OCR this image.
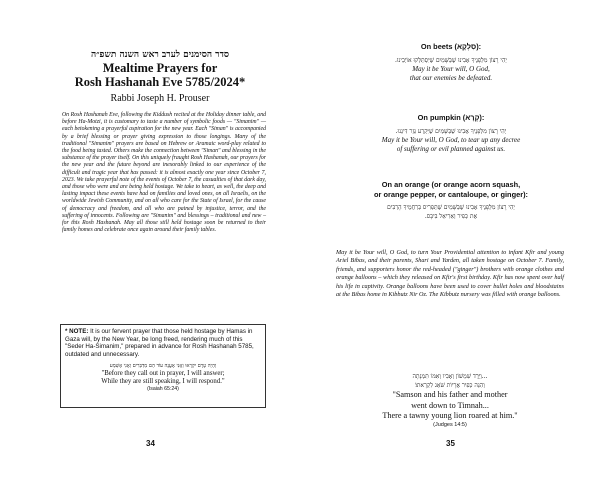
סדר הסימנים לערב ראש השנה תשפ״ה
Mealtime Prayers for
Rosh Hashanah Eve 5785/2024*
Rabbi Joseph H. Prouser
On Rosh Hashanah Eve, following the Kiddush recited at the Holiday dinner table, and before Ha-Motzi, it is customary to taste a number of symbolic foods — "Simanim" — each betokening a prayerful aspiration for the new year. Each "Siman" is accompanied by a brief blessing or prayer giving expression to those longings. Many of the traditional "Simanim" prayers are based on Hebrew or Aramaic word-play related to the food being tasted. Others make the connection between "Siman" and blessing in the substance of the prayer itself. On this uniquely fraught Rosh Hashanah, our prayers for the new year and the future beyond are inexorably linked to our experience of the difficult and tragic year that has passed: it is almost exactly one year since October 7, 2023. We take prayerful note of the events of October 7, the casualties of that dark day, and those who were and are being held hostage. We take to heart, as well, the deep and lasting impact these events have had on families and loved ones, on all Israelis, on the worldwide Jewish Community, and on all who care for the State of Israel, for the cause of democracy and freedom, and all who are pained by injustice, terror, and the suffering of innocents. Following are "Simanim" and blessings – traditional and new – for this Rosh Hashanah. May all those still held hostage soon be returned to their family homes and celebrate once again around their family tables.
* NOTE: It is our fervent prayer that those held hostage by Hamas in Gaza will, by the New Year, be long freed, rendering much of this "Seder Ha-Simanim," prepared in advance for Rosh Hashanah 5785, outdated and unnecessary.
וְהָיָה טֶרֶם יִקְרָאוּ וַאֲנִי אֶעֱנֶה עוֹד הֵם מְדַבְּרִים וַאֲנִי אֶשְׁמָע
"Before they call out in prayer, I will answer;
While they are still speaking, I will respond."
(Isaiah 65:24)
34
On beets (סִלְקָא):
יְהִי רָצוֹן מִלְּפָנֶיךָ אָבִינוּ שֶׁבַּשָּׁמַיִם שֶׁיִּסְתַּלְּקוּ אוֹיְבֵינוּ.
May it be Your will, O God,
that our enemies be defeated.
On pumpkin (קְרָא):
יְהִי רָצוֹן מִלְּפָנֶיךָ אָבִינוּ שֶׁבַּשָּׁמַיִם שֶׁיִּקְרַע גְּזַר דִּינֵנוּ.
May it be Your will, O God, to tear up any decree
of suffering or evil planned against us.
On an orange (or orange acorn squash,
or orange pepper, or cantaloupe, or ginger):
יְהִי רָצוֹן מִלְּפָנֶיךָ אָבִינוּ שֶׁבַּשָּׁמַיִם שֶׁתַּפְרִיס בְּרַחֲמֶיךָ הָרַבִּים
אֶת כְּפִיר וְאַרִיאֵל בִּיבָּס.
May it be Your will, O God, to turn Your Providential attention to infant Kfir and young Ariel Bibas, and their parents, Shari and Yarden, all taken hostage on October 7. Family, friends, and supporters honor the red-headed ("ginger") brothers with orange clothes and orange balloons – which they released on Kfir's first birthday. Kfir has now spent over half his life in captivity. Orange balloons have been used to cover bullet holes and bloodstains at the Bibas home in Kibbutz Nir Oz. The Kibbutz nursery was filled with orange balloons.
...וַיֵּרֶד שִׁמְשׁוֹן וְאָבִיו וְאִמּוֹ תִּמְנָתָה
וְהִנֵּה כְּפִיר אֲרָיוֹת שֹׁאֵג לִקְרָאתוֹ׃
"Samson and his father and mother
went down to Timnah...
There a tawny young lion roared at him."
(Judges 14:5)
35
